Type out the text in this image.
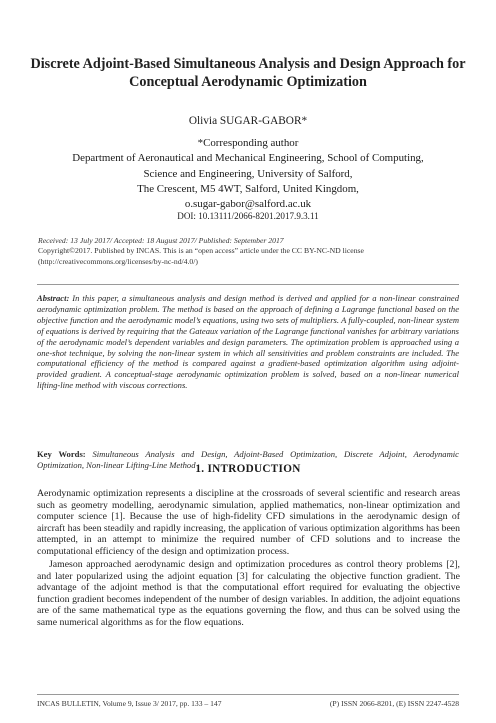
Discrete Adjoint-Based Simultaneous Analysis and Design Approach for Conceptual Aerodynamic Optimization
Olivia SUGAR-GABOR*
*Corresponding author
Department of Aeronautical and Mechanical Engineering, School of Computing,
Science and Engineering, University of Salford,
The Crescent, M5 4WT, Salford, United Kingdom,
o.sugar-gabor@salford.ac.uk
DOI: 10.13111/2066-8201.2017.9.3.11
Received: 13 July 2017/ Accepted: 18 August 2017/ Published: September 2017
Copyright©2017. Published by INCAS. This is an “open access” article under the CC BY-NC-ND license (http://creativecommons.org/licenses/by-nc-nd/4.0/)
Abstract: In this paper, a simultaneous analysis and design method is derived and applied for a non-linear constrained aerodynamic optimization problem. The method is based on the approach of defining a Lagrange functional based on the objective function and the aerodynamic model’s equations, using two sets of multipliers. A fully-coupled, non-linear system of equations is derived by requiring that the Gateaux variation of the Lagrange functional vanishes for arbitrary variations of the aerodynamic model’s dependent variables and design parameters. The optimization problem is approached using a one-shot technique, by solving the non-linear system in which all sensitivities and problem constraints are included. The computational efficiency of the method is compared against a gradient-based optimization algorithm using adjoint-provided gradient. A conceptual-stage aerodynamic optimization problem is solved, based on a non-linear numerical lifting-line method with viscous corrections.
Key Words: Simultaneous Analysis and Design, Adjoint-Based Optimization, Discrete Adjoint, Aerodynamic Optimization, Non-linear Lifting-Line Method 1. INTRODUCTION

Aerodynamic optimization represents a discipline at the crossroads of several scientific and research areas such as geometry modelling, aerodynamic simulation, applied mathematics, non-linear optimization and computer science [1]. Because the use of high-fidelity CFD simulations in the aerodynamic design of aircraft has been steadily and rapidly increasing, the application of various optimization algorithms has been attempted, in an attempt to minimize the required number of CFD solutions and to increase the computational efficiency of the design and optimization process.

Jameson approached aerodynamic design and optimization procedures as control theory problems [2], and later popularized using the adjoint equation [3] for calculating the objective function gradient. The advantage of the adjoint method is that the computational effort required for evaluating the objective function gradient becomes independent of the number of design variables. In addition, the adjoint equations are of the same mathematical type as the equations governing the flow, and thus can be solved using the same numerical algorithms as for the flow equations.

INCAS BULLETIN, Volume 9, Issue 3/ 2017, pp. 133 – 147	(P) ISSN 2066-8201, (E) ISSN 2247-4528
